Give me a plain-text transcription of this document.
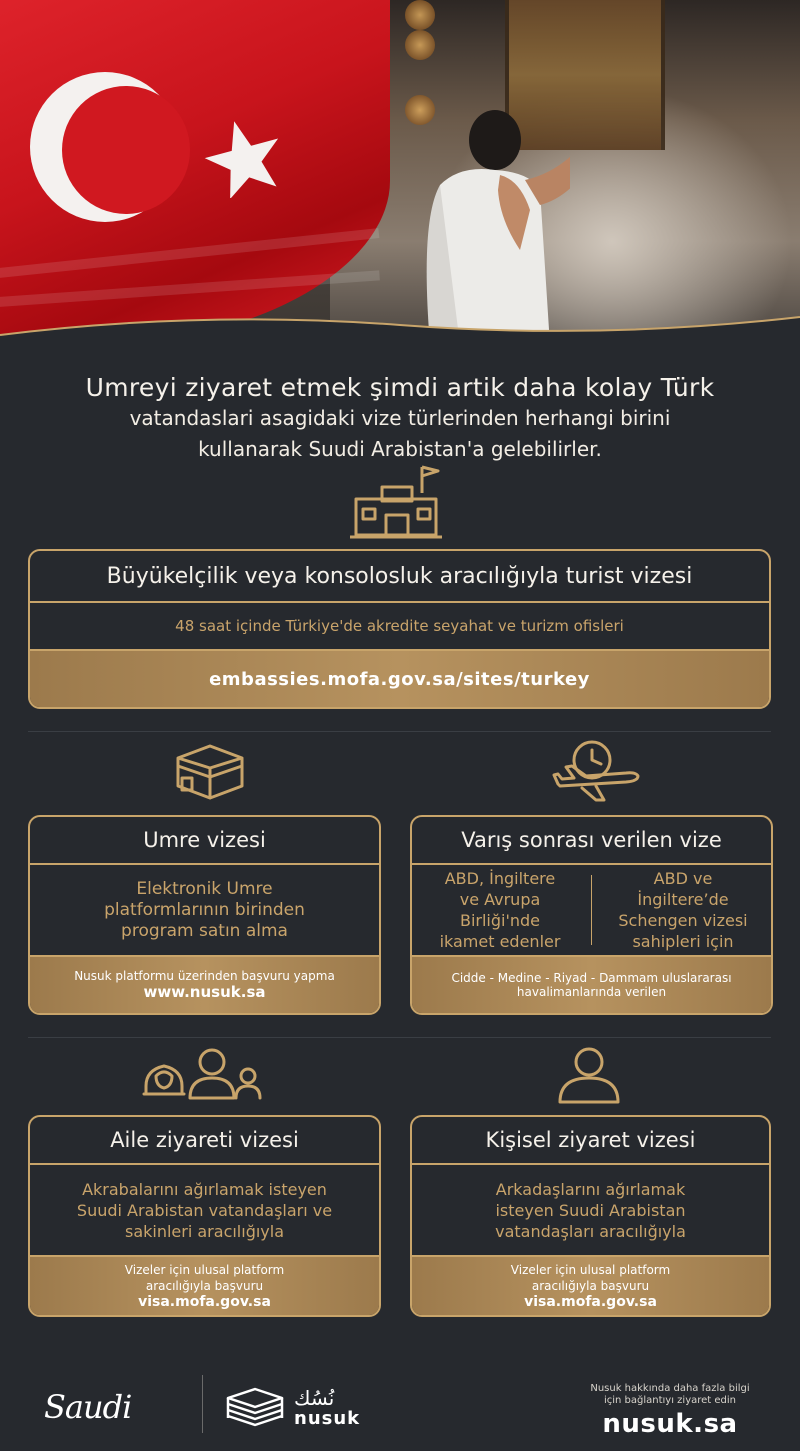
Umreyi ziyaret etmek şimdi artik daha kolay Türk
vatandaslari asagidaki vize türlerinden herhangi birini
kullanarak Suudi Arabistan'a gelebilirler.
Büyükelçilik veya konsolosluk aracılığıyla turist vizesi
48 saat içinde Türkiye'de akredite seyahat ve turizm ofisleri
embassies.mofa.gov.sa/sites/turkey
Umre vizesi
Elektronik Umre
platformlarının birinden
program satın alma
Nusuk platformu üzerinden başvuru yapma
www.nusuk.sa
Varış sonrası verilen vize
ABD, İngiltere
ve Avrupa
Birliği'nde
ikamet edenler
ABD ve
İngiltere’de
Schengen vizesi
sahipleri için
Cidde - Medine - Riyad - Dammam uluslararası
havalimanlarında verilen
Aile ziyareti vizesi
Akrabalarını ağırlamak isteyen
Suudi Arabistan vatandaşları ve
sakinleri aracılığıyla
Vizeler için ulusal platform
aracılığıyla başvuru
visa.mofa.gov.sa
Kişisel ziyaret vizesi
Arkadaşlarını ağırlamak
isteyen Suudi Arabistan
vatandaşları aracılığıyla
Vizeler için ulusal platform
aracılığıyla başvuru
visa.mofa.gov.sa
Saudi	نُسُك
nusuk
Nusuk hakkında daha fazla bilgi
için bağlantıyı ziyaret edin
nusuk.sa
